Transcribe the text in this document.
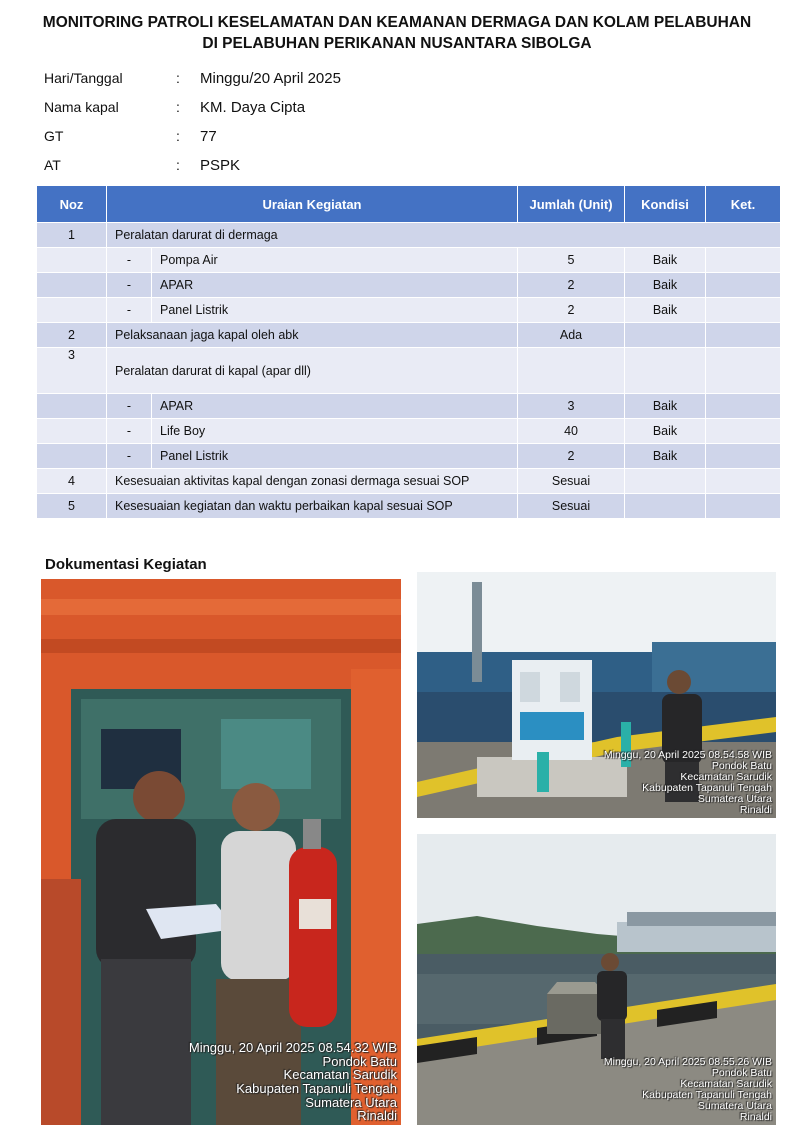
MONITORING PATROLI KESELAMATAN DAN KEAMANAN DERMAGA DAN KOLAM PELABUHAN
DI PELABUHAN PERIKANAN NUSANTARA SIBOLGA
Hari/Tanggal	: Minggu/20 April 2025
Nama kapal	: KM. Daya Cipta
GT	: 77
AT	: PSPK
Noz	Uraian Kegiatan		Jumlah (Unit)	Kondisi	Ket.
1	Peralatan darurat di dermaga				
	-	Pompa Air	5	Baik	
	-	APAR	2	Baik	
	-	Panel Listrik	2	Baik	
2	Pelaksanaan jaga kapal oleh abk		Ada		
3	Peralatan darurat di kapal (apar dll)				
	-	APAR	3	Baik	
	-	Life Boy	40	Baik	
	-	Panel Listrik	2	Baik	
4	Kesesuaian aktivitas kapal dengan zonasi dermaga sesuai SOP		Sesuai		
5	Kesesuaian kegiatan dan waktu perbaikan kapal sesuai SOP		Sesuai		
Dokumentasi Kegiatan
Minggu, 20 April 2025 08.54.32 WIB
Pondok Batu
Kecamatan Sarudik
Kabupaten Tapanuli Tengah
Sumatera Utara
Rinaldi
Minggu, 20 April 2025 08.54.58 WIB
Pondok Batu
Kecamatan Sarudik
Kabupaten Tapanuli Tengah
Sumatera Utara
Rinaldi
Minggu, 20 April 2025 08.55.26 WIB
Pondok Batu
Kecamatan Sarudik
Kabupaten Tapanuli Tengah
Sumatera Utara
Rinaldi
